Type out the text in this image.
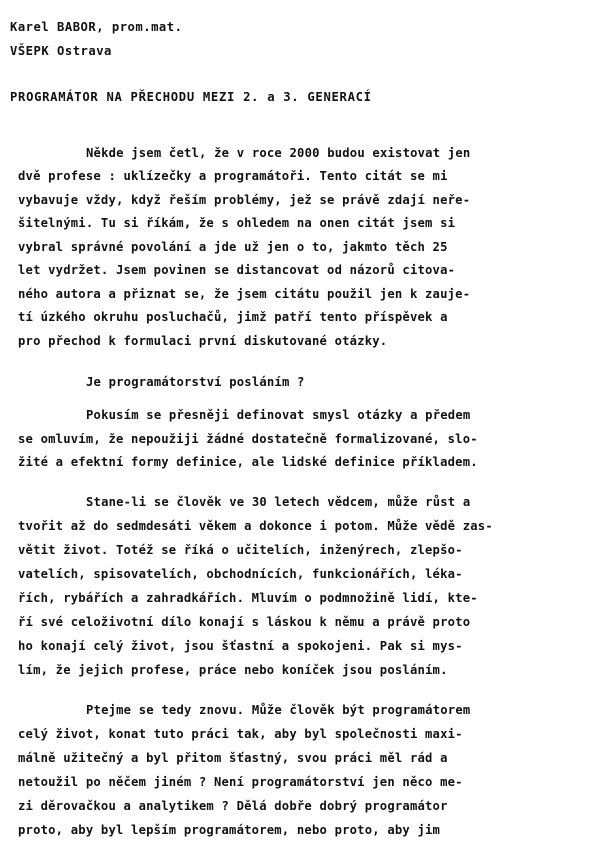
Karel BABOR, prom.mat.

VŠEPK Ostrava

PROGRAMÁTOR NA PŘECHODU MEZI 2. a 3. GENERACÍ

Někde jsem četl, že v roce 2000 budou existovat jen

dvě profese : uklízečky a programátoři. Tento citát se mi

vybavuje vždy, když řeším problémy, jež se právě zdají neře-

šitelnými. Tu si říkám, že s ohledem na onen citát jsem si

vybral správné povolání a jde už jen o to, jakmto těch 25

let vydržet. Jsem povinen se distancovat od názorů citova-

ného autora a přiznat se, že jsem citátu použil jen k zauje-

tí úzkého okruhu posluchačů, jimž patří tento příspěvek a

pro přechod k formulaci první diskutované otázky.

Je programátorství posláním ?

Pokusím se přesněji definovat smysl otázky a předem

se omluvím, že nepoužiji žádné dostatečně formalizované, slo-

žité a efektní formy definice, ale lidské definice příkladem.

Stane-li se člověk ve 30 letech vědcem, může růst a

tvořit až do sedmdesáti věkem a dokonce i potom. Může vědě zas-

větit život. Totéž se říká o učitelích, inženýrech, zlepšo-

vatelích, spisovatelích, obchodnících, funkcionářích, léka-

řích, rybářích a zahradkářích. Mluvím o podmnožině lidí, kte-

ří své celoživotní dílo konají s láskou k němu a právě proto

ho konají celý život, jsou šťastní a spokojeni. Pak si mys-

lím, že jejich profese, práce nebo koníček jsou posláním.

Ptejme se tedy znovu. Může člověk být programátorem

celý život, konat tuto práci tak, aby byl společnosti maxi-

málně užitečný a byl přitom šťastný, svou práci měl rád a

netoužil po něčem jiném ? Není programátorství jen něco me-

zi děrovačkou a analytikem ? Dělá dobře dobrý programátor

proto, aby byl lepším programátorem, nebo proto, aby jim
